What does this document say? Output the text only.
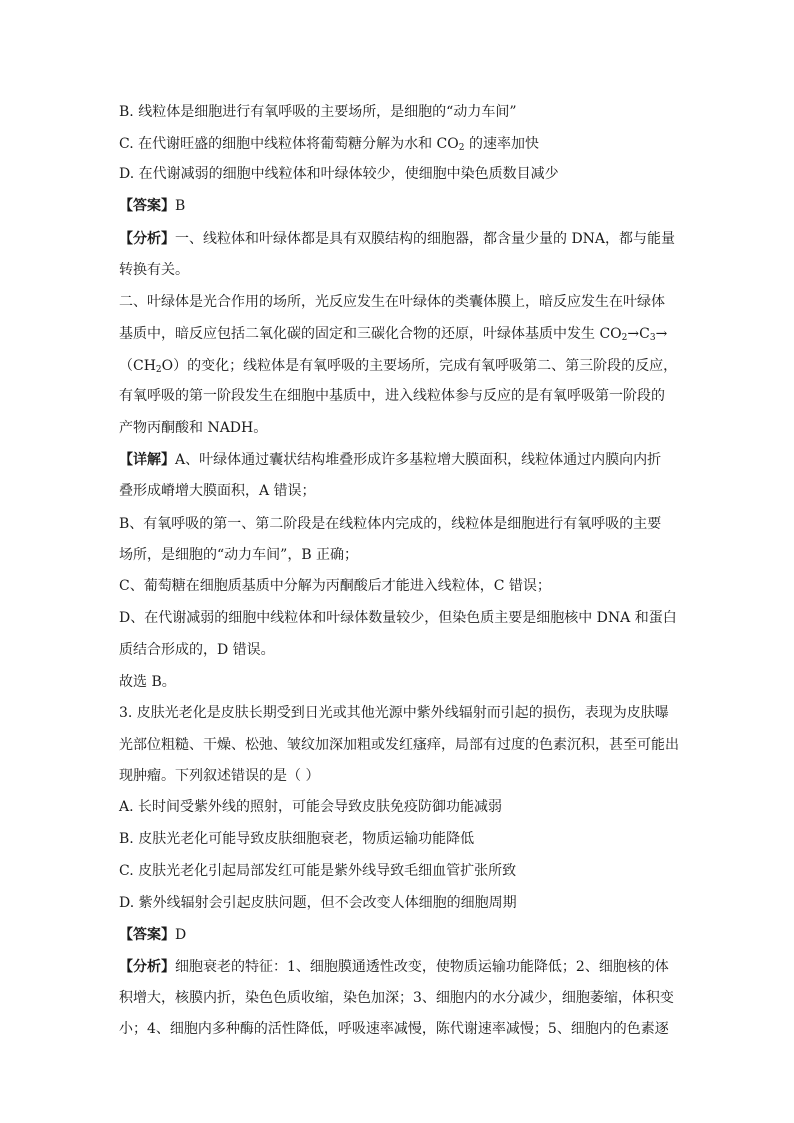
B. 线粒体是细胞进行有氧呼吸的主要场所，是细胞的“动力车间”
C. 在代谢旺盛的细胞中线粒体将葡萄糖分解为水和 $CO_2$ 的速率加快
D. 在代谢减弱的细胞中线粒体和叶绿体较少，使细胞中染色质数目减少
【答案】B
【分析】一、线粒体和叶绿体都是具有双膜结构的细胞器，都含量少量的 DNA，都与能量
转换有关。
二、叶绿体是光合作用的场所，光反应发生在叶绿体的类囊体膜上，暗反应发生在叶绿体
基质中，暗反应包括二氧化碳的固定和三碳化合物的还原，叶绿体基质中发生 $CO_2\to C_3\to$
$(CH_2O)$的变化；线粒体是有氧呼吸的主要场所，完成有氧呼吸第二、第三阶段的反应，
有氧呼吸的第一阶段发生在细胞中基质中，进入线粒体参与反应的是有氧呼吸第一阶段的
产物丙酮酸和 NADH。
【详解】A、叶绿体通过囊状结构堆叠形成许多基粒增大膜面积，线粒体通过内膜向内折
叠形成嵴增大膜面积，A 错误；
B、有氧呼吸的第一、第二阶段是在线粒体内完成的，线粒体是细胞进行有氧呼吸的主要
场所，是细胞的“动力车间”，B 正确；
C、葡萄糖在细胞质基质中分解为丙酮酸后才能进入线粒体，C 错误；
D、在代谢减弱的细胞中线粒体和叶绿体数量较少，但染色质主要是细胞核中 DNA 和蛋白
质结合形成的，D 错误。
故选 B。
3. 皮肤光老化是皮肤长期受到日光或其他光源中紫外线辐射而引起的损伤，表现为皮肤曝
光部位粗糙、干燥、松弛、皱纹加深加粗或发红瘙痒，局部有过度的色素沉积，甚至可能出
现肿瘤。下列叙述错误的是（ ）
A. 长时间受紫外线的照射，可能会导致皮肤免疫防御功能减弱
B. 皮肤光老化可能导致皮肤细胞衰老，物质运输功能降低
C. 皮肤光老化引起局部发红可能是紫外线导致毛细血管扩张所致
D. 紫外线辐射会引起皮肤问题，但不会改变人体细胞的细胞周期
【答案】D
【分析】细胞衰老的特征：1、细胞膜通透性改变，使物质运输功能降低；2、细胞核的体
积增大，核膜内折，染色色质收缩，染色加深；3、细胞内的水分减少，细胞萎缩，体积变
小；4、细胞内多种酶的活性降低，呼吸速率减慢，陈代谢速率减慢；5、细胞内的色素逐
